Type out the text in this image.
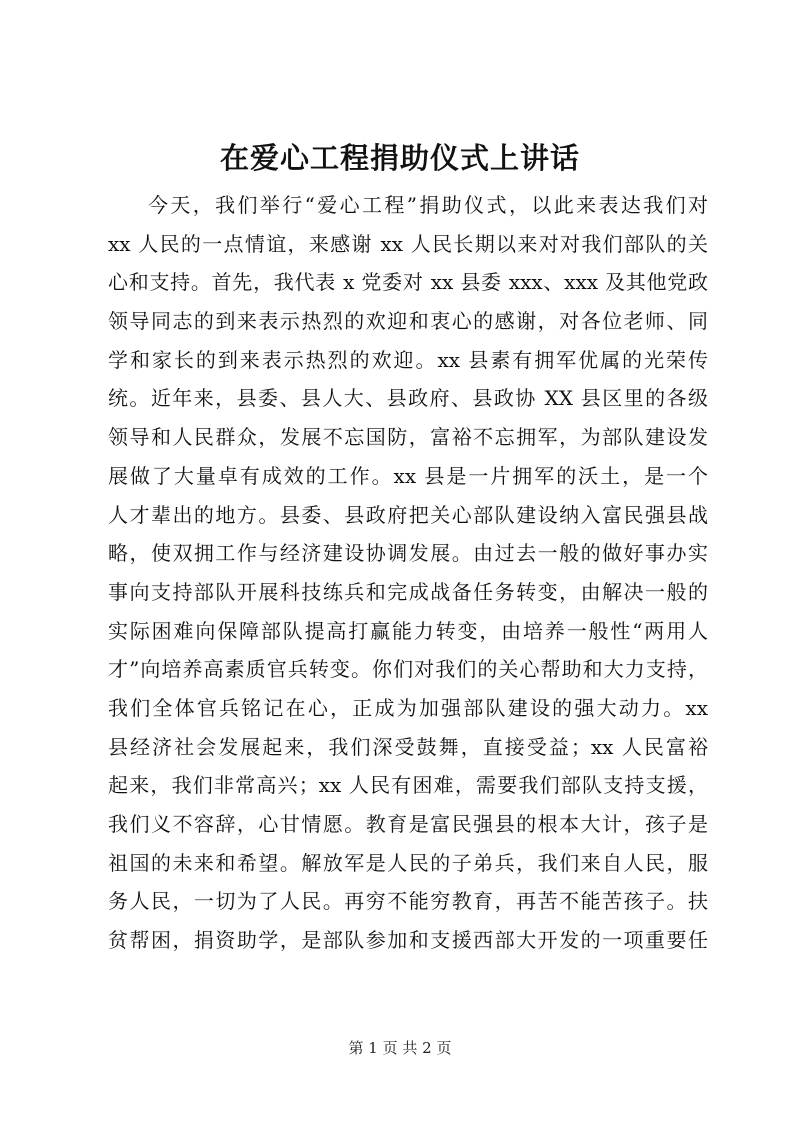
在爱心工程捐助仪式上讲话
今天，我们举行“爱心工程”捐助仪式，以此来表达我们对
xx 人民的一点情谊，来感谢 xx 人民长期以来对对我们部队的关
心和支持。首先，我代表 x 党委对 xx 县委 xxx、xxx 及其他党政
领导同志的到来表示热烈的欢迎和衷心的感谢，对各位老师、同
学和家长的到来表示热烈的欢迎。xx 县素有拥军优属的光荣传
统。近年来，县委、县人大、县政府、县政协 XX 县区里的各级
领导和人民群众，发展不忘国防，富裕不忘拥军，为部队建设发
展做了大量卓有成效的工作。xx 县是一片拥军的沃土，是一个
人才辈出的地方。县委、县政府把关心部队建设纳入富民强县战
略，使双拥工作与经济建设协调发展。由过去一般的做好事办实
事向支持部队开展科技练兵和完成战备任务转变，由解决一般的
实际困难向保障部队提高打赢能力转变，由培养一般性“两用人
才”向培养高素质官兵转变。你们对我们的关心帮助和大力支持，
我们全体官兵铭记在心，正成为加强部队建设的强大动力。xx
县经济社会发展起来，我们深受鼓舞，直接受益；xx 人民富裕
起来，我们非常高兴；xx 人民有困难，需要我们部队支持支援，
我们义不容辞，心甘情愿。教育是富民强县的根本大计，孩子是
祖国的未来和希望。解放军是人民的子弟兵，我们来自人民，服
务人民，一切为了人民。再穷不能穷教育，再苦不能苦孩子。扶
贫帮困，捐资助学，是部队参加和支援西部大开发的一项重要任
第 1 页 共 2 页
